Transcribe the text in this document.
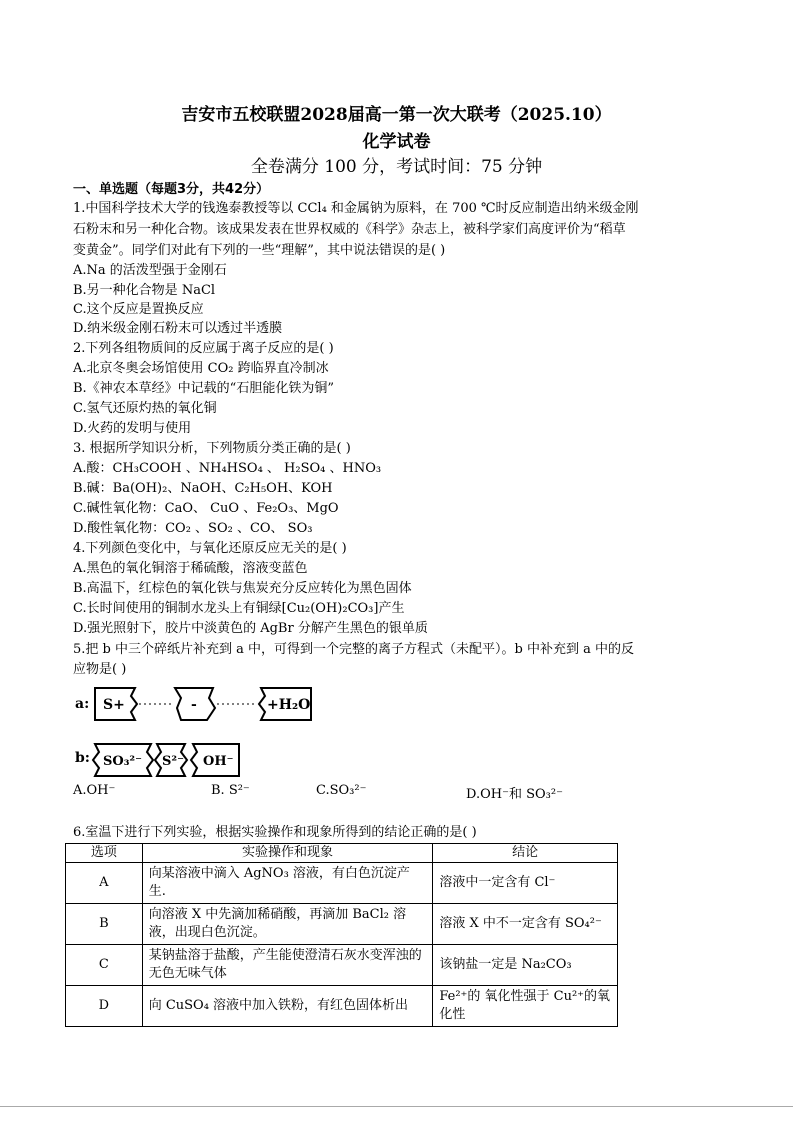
吉安市五校联盟2028届高一第一次大联考（2025.10）
化学试卷
全卷满分 100 分，考试时间：75 分钟
一、单选题（每题3分，共42分）
1.中国科学技术大学的钱逸泰教授等以 CCl₄ 和金属钠为原料，在 700 ℃时反应制造出纳米级金刚
石粉末和另一种化合物。该成果发表在世界权威的《科学》杂志上，被科学家们高度评价为“稻草
变黄金”。同学们对此有下列的一些“理解”，其中说法错误的是( )
A.Na 的活泼型强于金刚石
B.另一种化合物是 NaCl
C.这个反应是置换反应
D.纳米级金刚石粉末可以透过半透膜
2.下列各组物质间的反应属于离子反应的是( )
A.北京冬奥会场馆使用 CO₂ 跨临界直冷制冰
B.《神农本草经》中记载的“石胆能化铁为铜”
C.氢气还原灼热的氧化铜
D.火药的发明与使用
3. 根据所学知识分析，下列物质分类正确的是( )
A.酸：CH₃COOH 、NH₄HSO₄ 、 H₂SO₄ 、HNO₃
B.碱：Ba(OH)₂、NaOH、C₂H₅OH、KOH
C.碱性氧化物：CaO、 CuO 、Fe₂O₃、MgO
D.酸性氧化物：CO₂ 、SO₂ 、CO、 SO₃
4.下列颜色变化中，与氧化还原反应无关的是( )
A.黑色的氧化铜溶于稀硫酸，溶液变蓝色
B.高温下，红棕色的氧化铁与焦炭充分反应转化为黑色固体
C.长时间使用的铜制水龙头上有铜绿[Cu₂(OH)₂CO₃]产生
D.强光照射下，胶片中淡黄色的 AgBr 分解产生黑色的银单质
5.把 b 中三个碎纸片补充到 a 中，可得到一个完整的离子方程式（未配平）。b 中补充到 a 中的反
应物是( )
a: S+	-	+H₂O
b: SO₃²⁻ S²⁻ OH⁻
A.OH⁻	B. S²⁻	C.SO₃²⁻	D.OH⁻和 SO₃²⁻
6.室温下进行下列实验，根据实验操作和现象所得到的结论正确的是( )
选项	实验操作和现象	结论
A	向某溶液中滴入 AgNO₃ 溶液，有白色沉淀产生.	溶液中一定含有 Cl⁻
B	向溶液 X 中先滴加稀硝酸，再滴加 BaCl₂ 溶液，出现白色沉淀。	溶液 X 中不一定含有 SO₄²⁻
C	某钠盐溶于盐酸，产生能使澄清石灰水变浑浊的无色无味气体	该钠盐一定是 Na₂CO₃
D	向 CuSO₄ 溶液中加入铁粉，有红色固体析出	Fe²⁺的 氧化性强于 Cu²⁺的氧化性
